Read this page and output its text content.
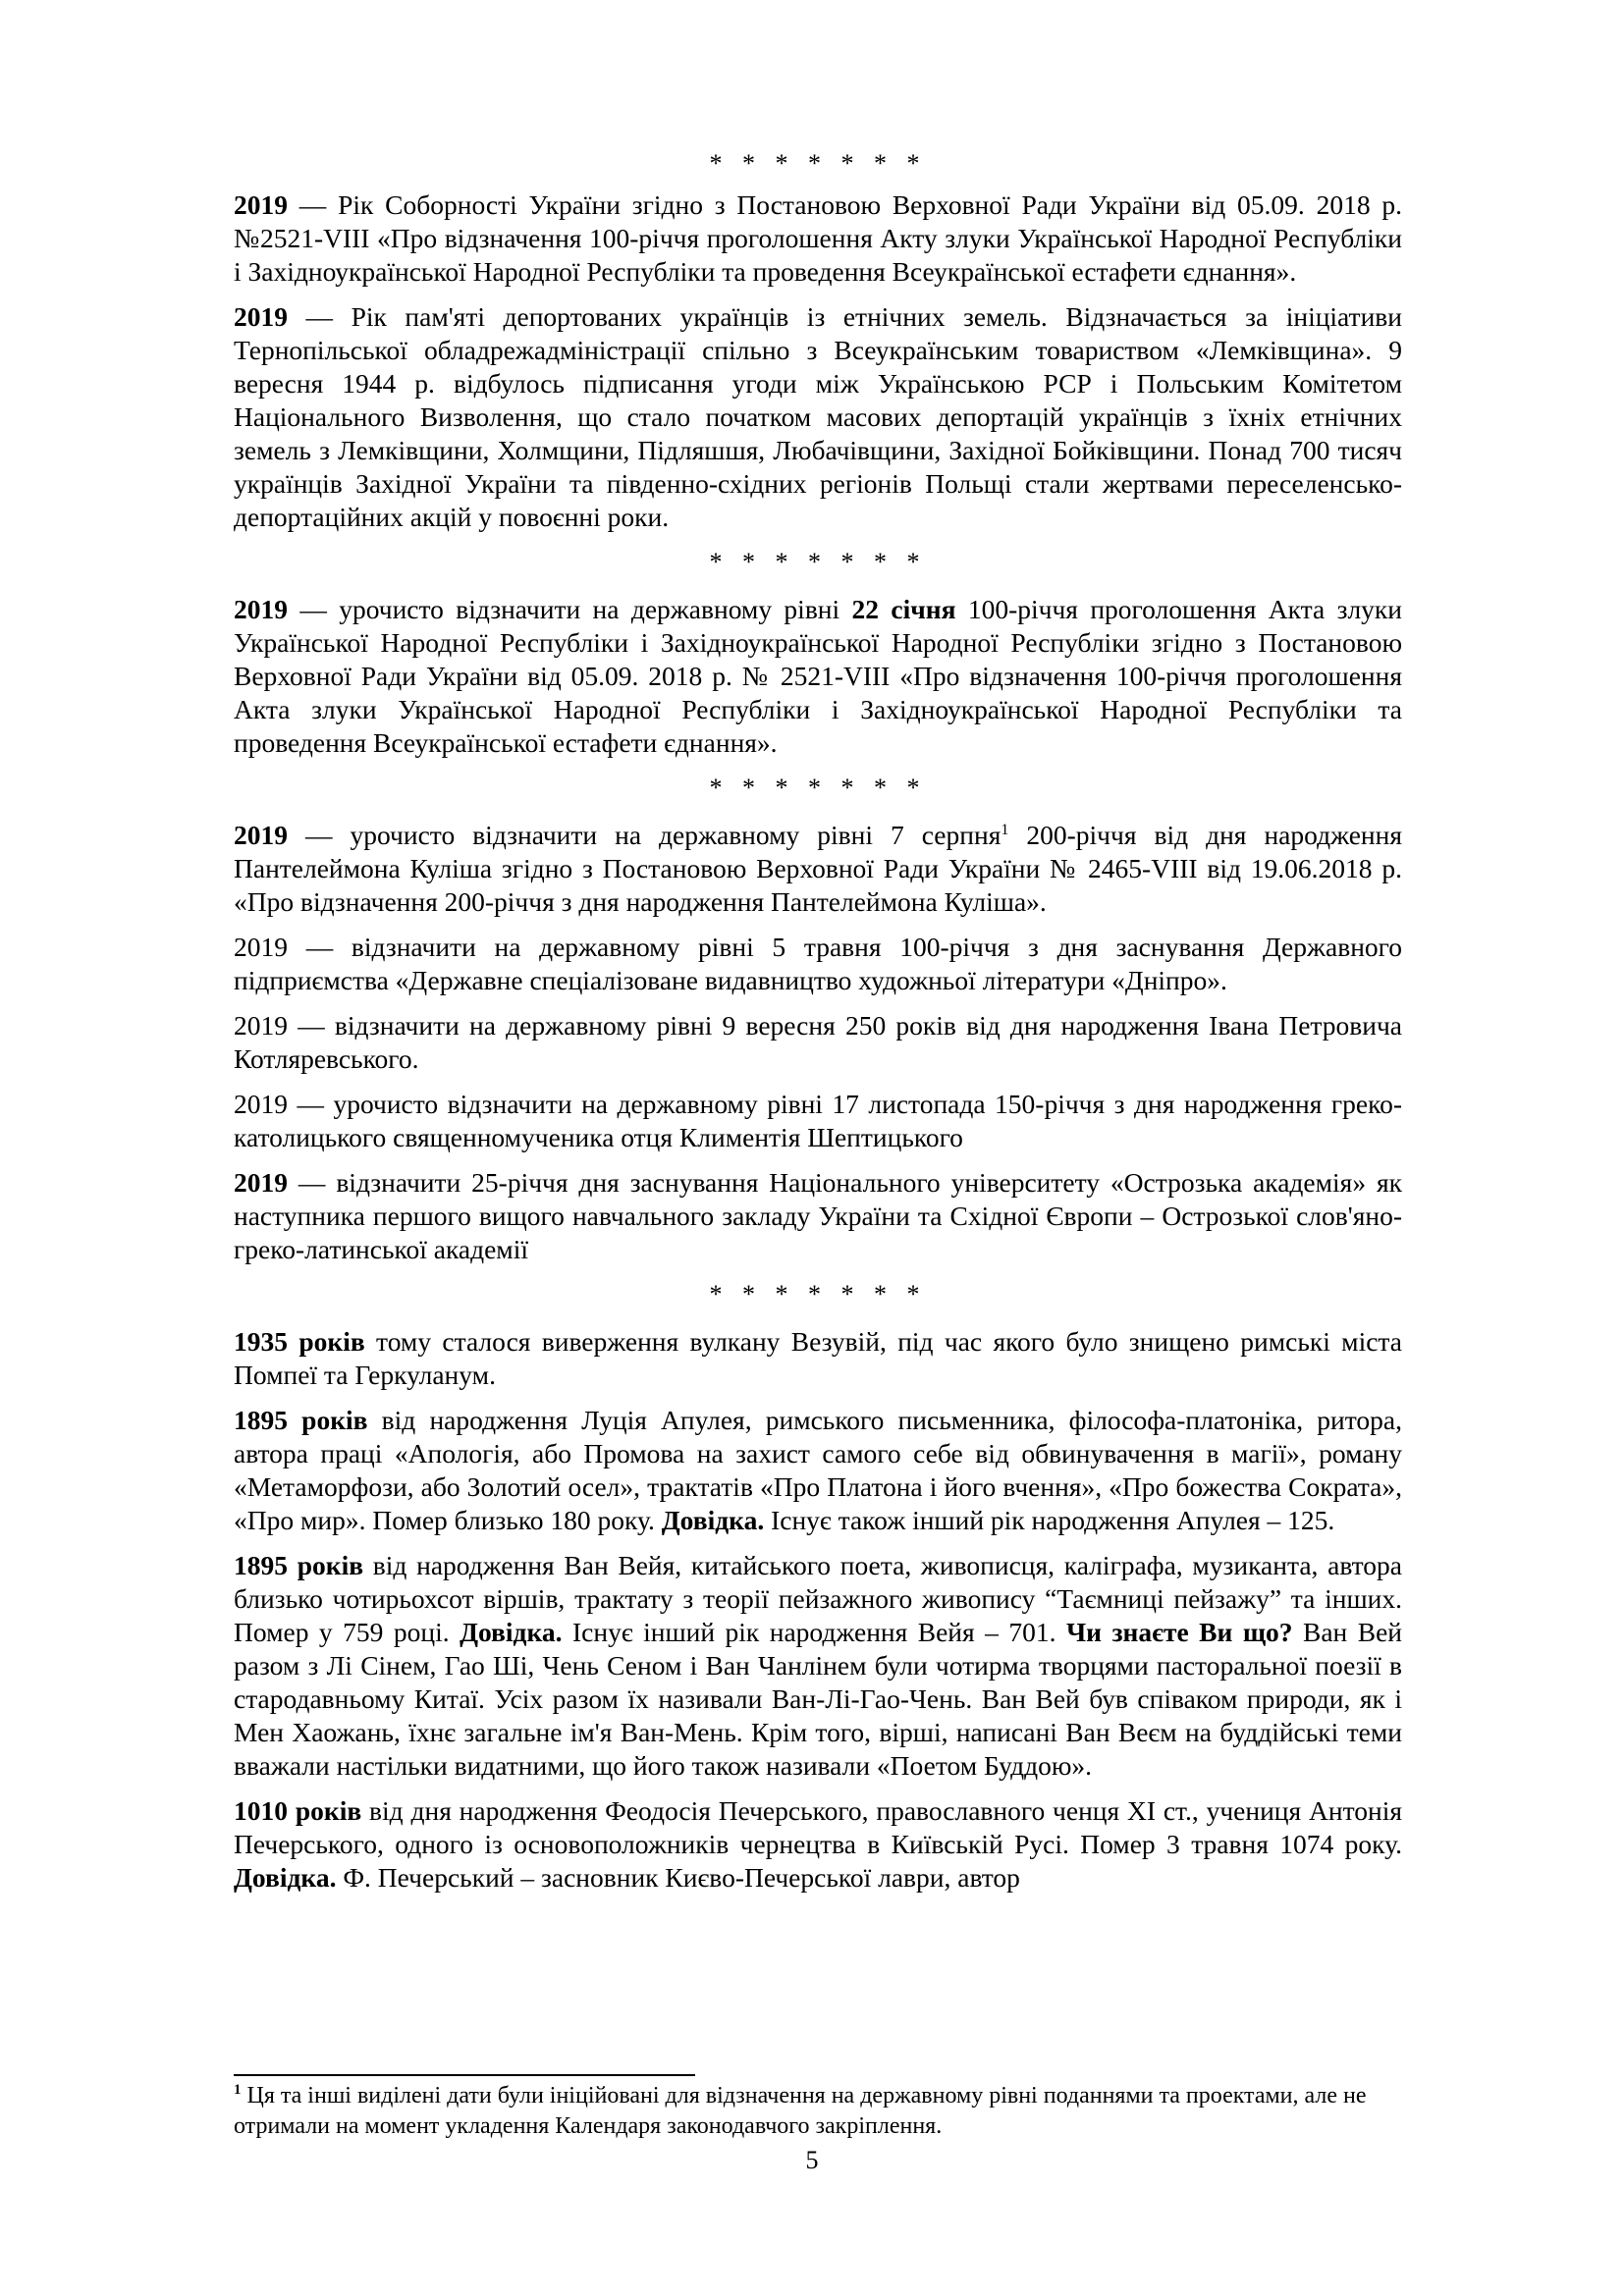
* * * * * * *

2019 — Рік Соборності України згідно з Постановою Верховної Ради України від 05.09. 2018 р. №2521-VIII «Про відзначення 100-річчя проголошення Акту злуки Української Народної Республіки і Західноукраїнської Народної Республіки та проведення Всеукраїнської естафети єднання».

2019 — Рік пам'яті депортованих українців із етнічних земель. Відзначається за ініціативи Тернопільської обладрежадміністрації спільно з Всеукраїнським товариством «Лемківщина». 9 вересня 1944 р. відбулось підписання угоди між Українською РСР і Польським Комітетом Національного Визволення, що стало початком масових депортацій українців з їхніх етнічних земель з Лемківщини, Холмщини, Підляшшя, Любачівщини, Західної Бойківщини. Понад 700 тисяч українців Західної України та південно-східних регіонів Польщі стали жертвами переселенсько-депортаційних акцій у повоєнні роки.

* * * * * * *

2019 — урочисто відзначити на державному рівні 22 січня 100-річчя проголошення Акта злуки Української Народної Республіки і Західноукраїнської Народної Республіки згідно з Постановою Верховної Ради України від 05.09. 2018 р. № 2521-VIII «Про відзначення 100-річчя проголошення Акта злуки Української Народної Республіки і Західноукраїнської Народної Республіки та проведення Всеукраїнської естафети єднання».

* * * * * * *

2019 — урочисто відзначити на державному рівні 7 серпня$^1$ 200-річчя від дня народження Пантелеймона Куліша згідно з Постановою Верховної Ради України № 2465-VIII від 19.06.2018 р. «Про відзначення 200-річчя з дня народження Пантелеймона Куліша».

2019 — відзначити на державному рівні 5 травня 100-річчя з дня заснування Державного підприємства «Державне спеціалізоване видавництво художньої літератури «Дніпро».

2019 — відзначити на державному рівні 9 вересня 250 років від дня народження Івана Петровича Котляревського.

2019 — урочисто відзначити на державному рівні 17 листопада 150-річчя з дня народження греко-католицького священномученика отця Климентія Шептицького

2019 — відзначити 25-річчя дня заснування Національного університету «Острозька академія» як наступника першого вищого навчального закладу України та Східної Європи – Острозької слов'яно-греко-латинської академії

* * * * * * *

1935 років тому сталося виверження вулкану Везувій, під час якого було знищено римські міста Помпеї та Геркуланум.

1895 років від народження Луція Апулея, римського письменника, філософа-платоніка, ритора, автора праці «Апологія, або Промова на захист самого себе від обвинувачення в магії», роману «Метаморфози, або Золотий осел», трактатів «Про Платона і його вчення», «Про божества Сократа», «Про мир». Помер близько 180 року. Довідка. Існує також інший рік народження Апулея – 125.

1895 років від народження Ван Вейя, китайського поета, живописця, каліграфа, музиканта, автора близько чотирьохсот віршів, трактату з теорії пейзажного живопису “Таємниці пейзажу” та інших. Помер у 759 році. Довідка. Існує інший рік народження Вейя – 701. Чи знаєте Ви що? Ван Вей разом з Лі Сінем, Гао Ші, Чень Сеном і Ван Чанлінем були чотирма творцями пасторальної поезії в стародавньому Китаї. Усіх разом їх називали Ван-Лі-Гао-Чень. Ван Вей був співаком природи, як і Мен Хаожань, їхнє загальне ім'я Ван-Мень. Крім того, вірші, написані Ван Веєм на буддійські теми вважали настільки видатними, що його також називали «Поетом Буддою».

1010 років від дня народження Феодосія Печерського, православного ченця XI ст., учениця Антонія Печерського, одного із основоположників чернецтва в Київській Русі. Помер 3 травня 1074 року. Довідка. Ф. Печерський – засновник Києво-Печерської лаври, автор

$^1$ Ця та інші виділені дати були ініційовані для відзначення на державному рівні поданнями та проектами, але не отримали на момент укладення Календаря законодавчого закріплення.
5
